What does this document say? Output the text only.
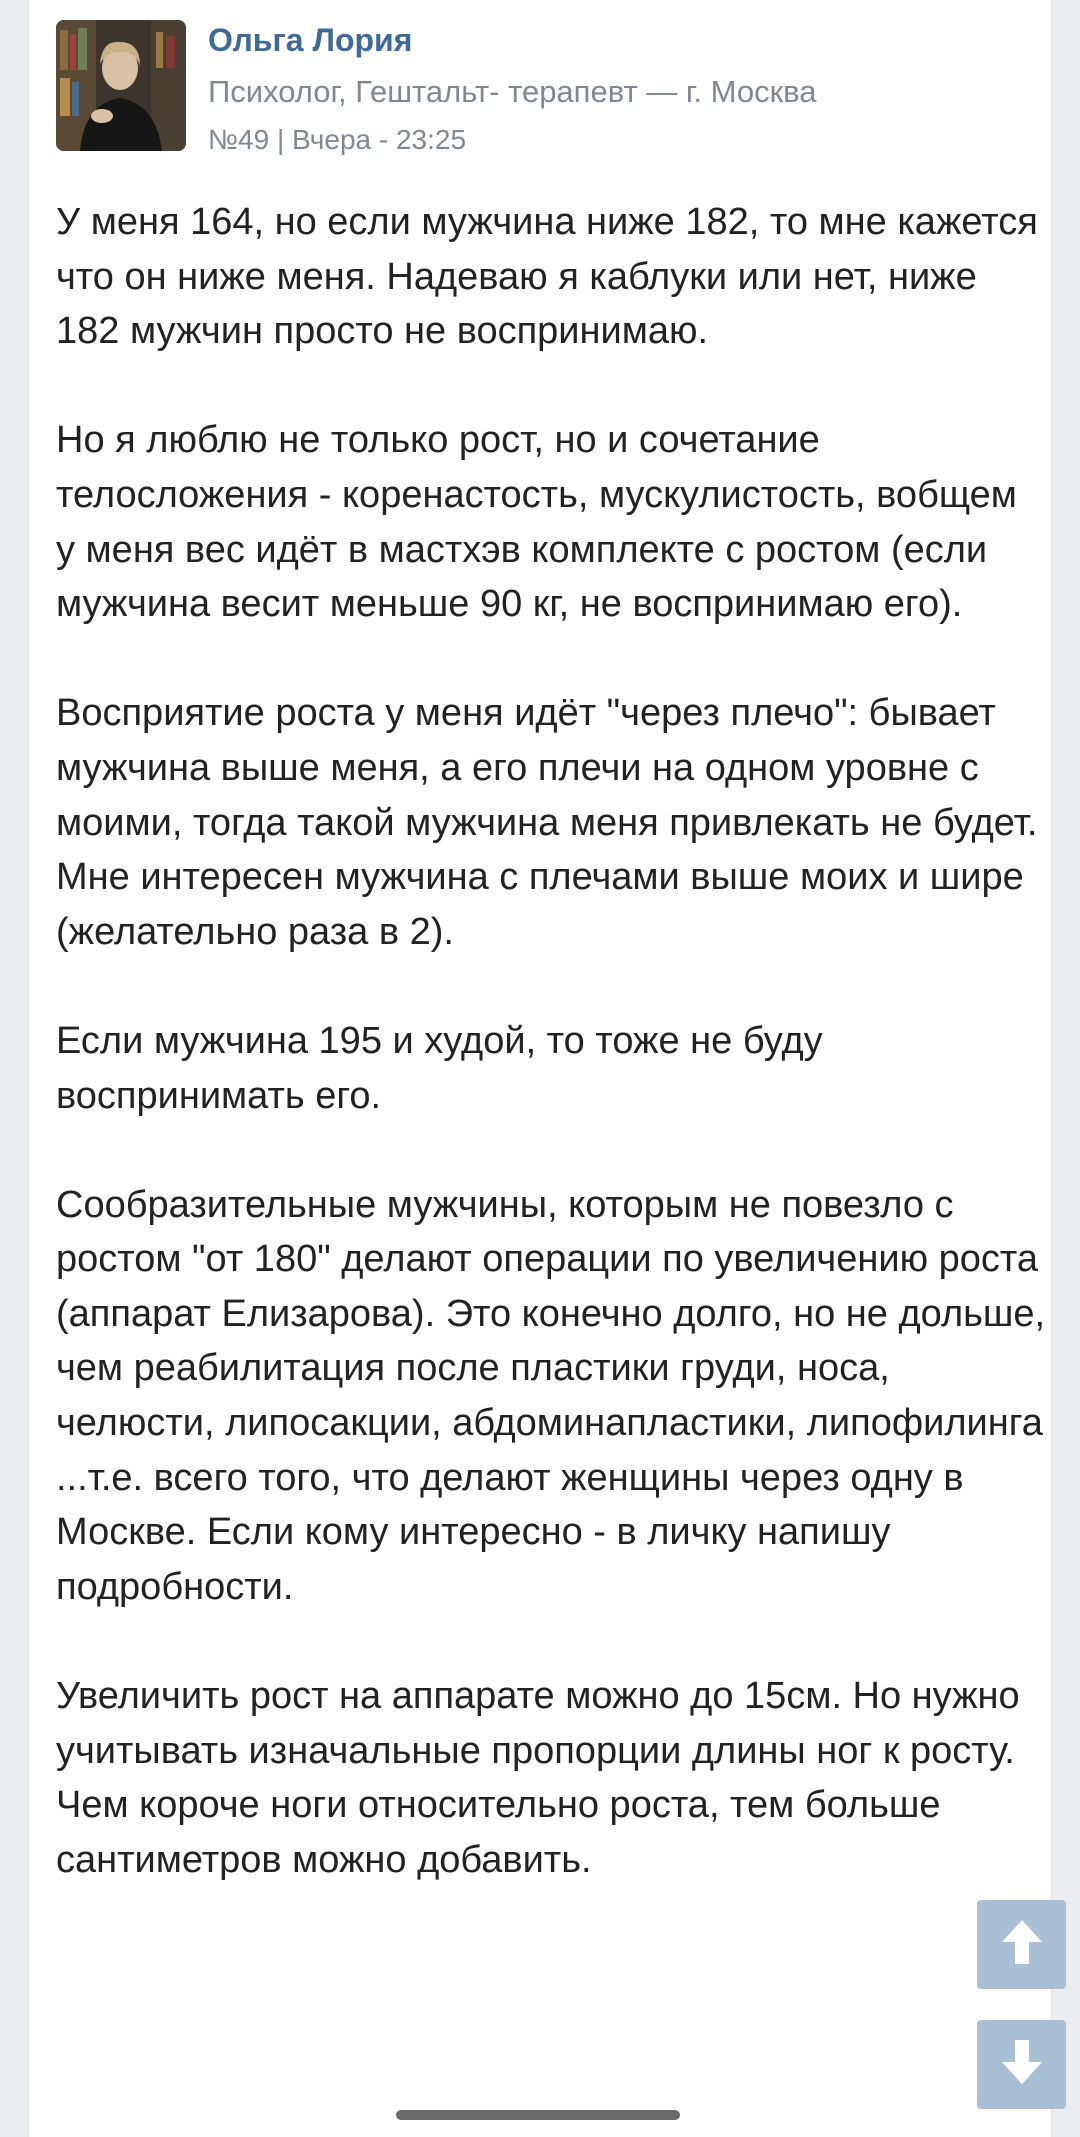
Ольга Лория
Психолог, Гештальт- терапевт — г. Москва
№49 | Вчера - 23:25

У меня 164, но если мужчина ниже 182, то мне кажется что он ниже меня. Надеваю я каблуки или нет, ниже 182 мужчин просто не воспринимаю.

Но я люблю не только рост, но и сочетание телосложения - коренастость, мускулистость, вобщем у меня вес идёт в мастхэв комплекте с ростом (если мужчина весит меньше 90 кг, не воспринимаю его).

Восприятие роста у меня идёт "через плечо": бывает мужчина выше меня, а его плечи на одном уровне с моими, тогда такой мужчина меня привлекать не будет. Мне интересен мужчина с плечами выше моих и шире (желательно раза в 2).

Если мужчина 195 и худой, то тоже не буду воспринимать его.

Сообразительные мужчины, которым не повезло с ростом "от 180" делают операции по увеличению роста (аппарат Елизарова). Это конечно долго, но не дольше, чем реабилитация после пластики груди, носа, челюсти, липосакции, абдоминапластики, липофилинга ...т.е. всего того, что делают женщины через одну в Москве. Если кому интересно - в личку напишу подробности.

Увеличить рост на аппарате можно до 15см. Но нужно учитывать изначальные пропорции длины ног к росту. Чем короче ноги относительно роста, тем больше сантиметров можно добавить.
